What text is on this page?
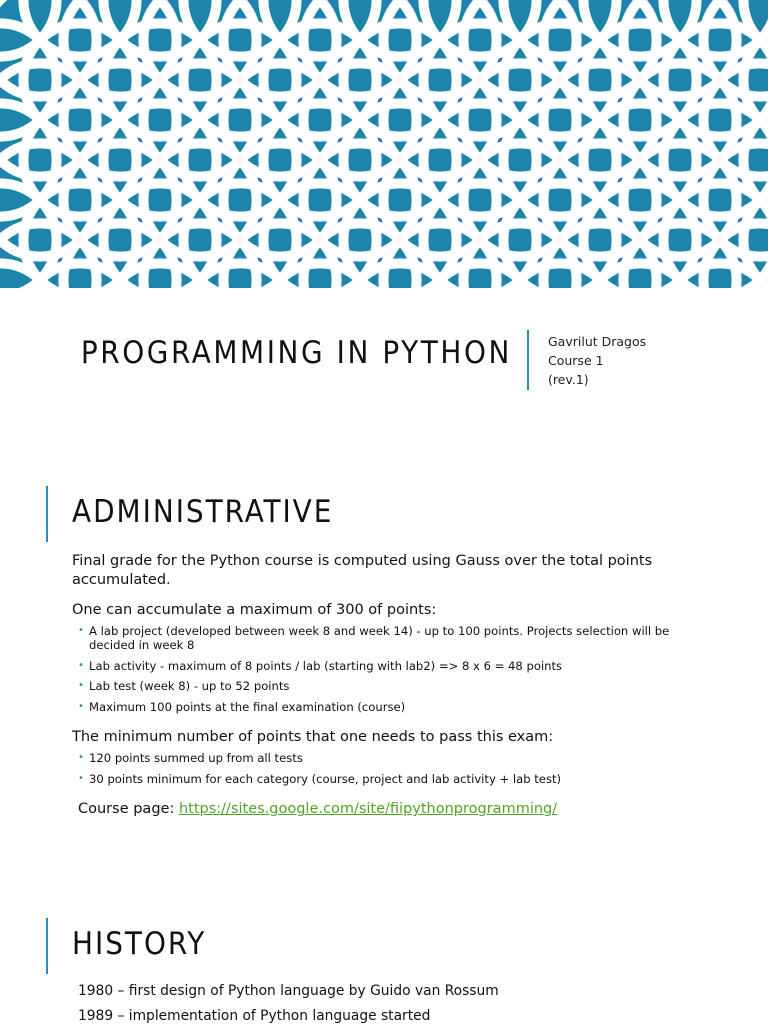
PROGRAMMING IN PYTHON	Gavrilut Dragos
Course 1
(rev.1)
ADMINISTRATIVE
Final grade for the Python course is computed using Gauss over the total points accumulated.
One can accumulate a maximum of 300 of points:
• A lab project (developed between week 8 and week 14) - up to 100 points. Projects selection will be decided in week 8
• Lab activity - maximum of 8 points / lab (starting with lab2) => 8 x 6 = 48 points
• Lab test (week 8) - up to 52 points
• Maximum 100 points at the final examination (course)
The minimum number of points that one needs to pass this exam:
• 120 points summed up from all tests
• 30 points minimum for each category (course, project and lab activity + lab test)
Course page: https://sites.google.com/site/fiipythonprogramming/
HISTORY
1980 – first design of Python language by Guido van Rossum
1989 – implementation of Python language started
